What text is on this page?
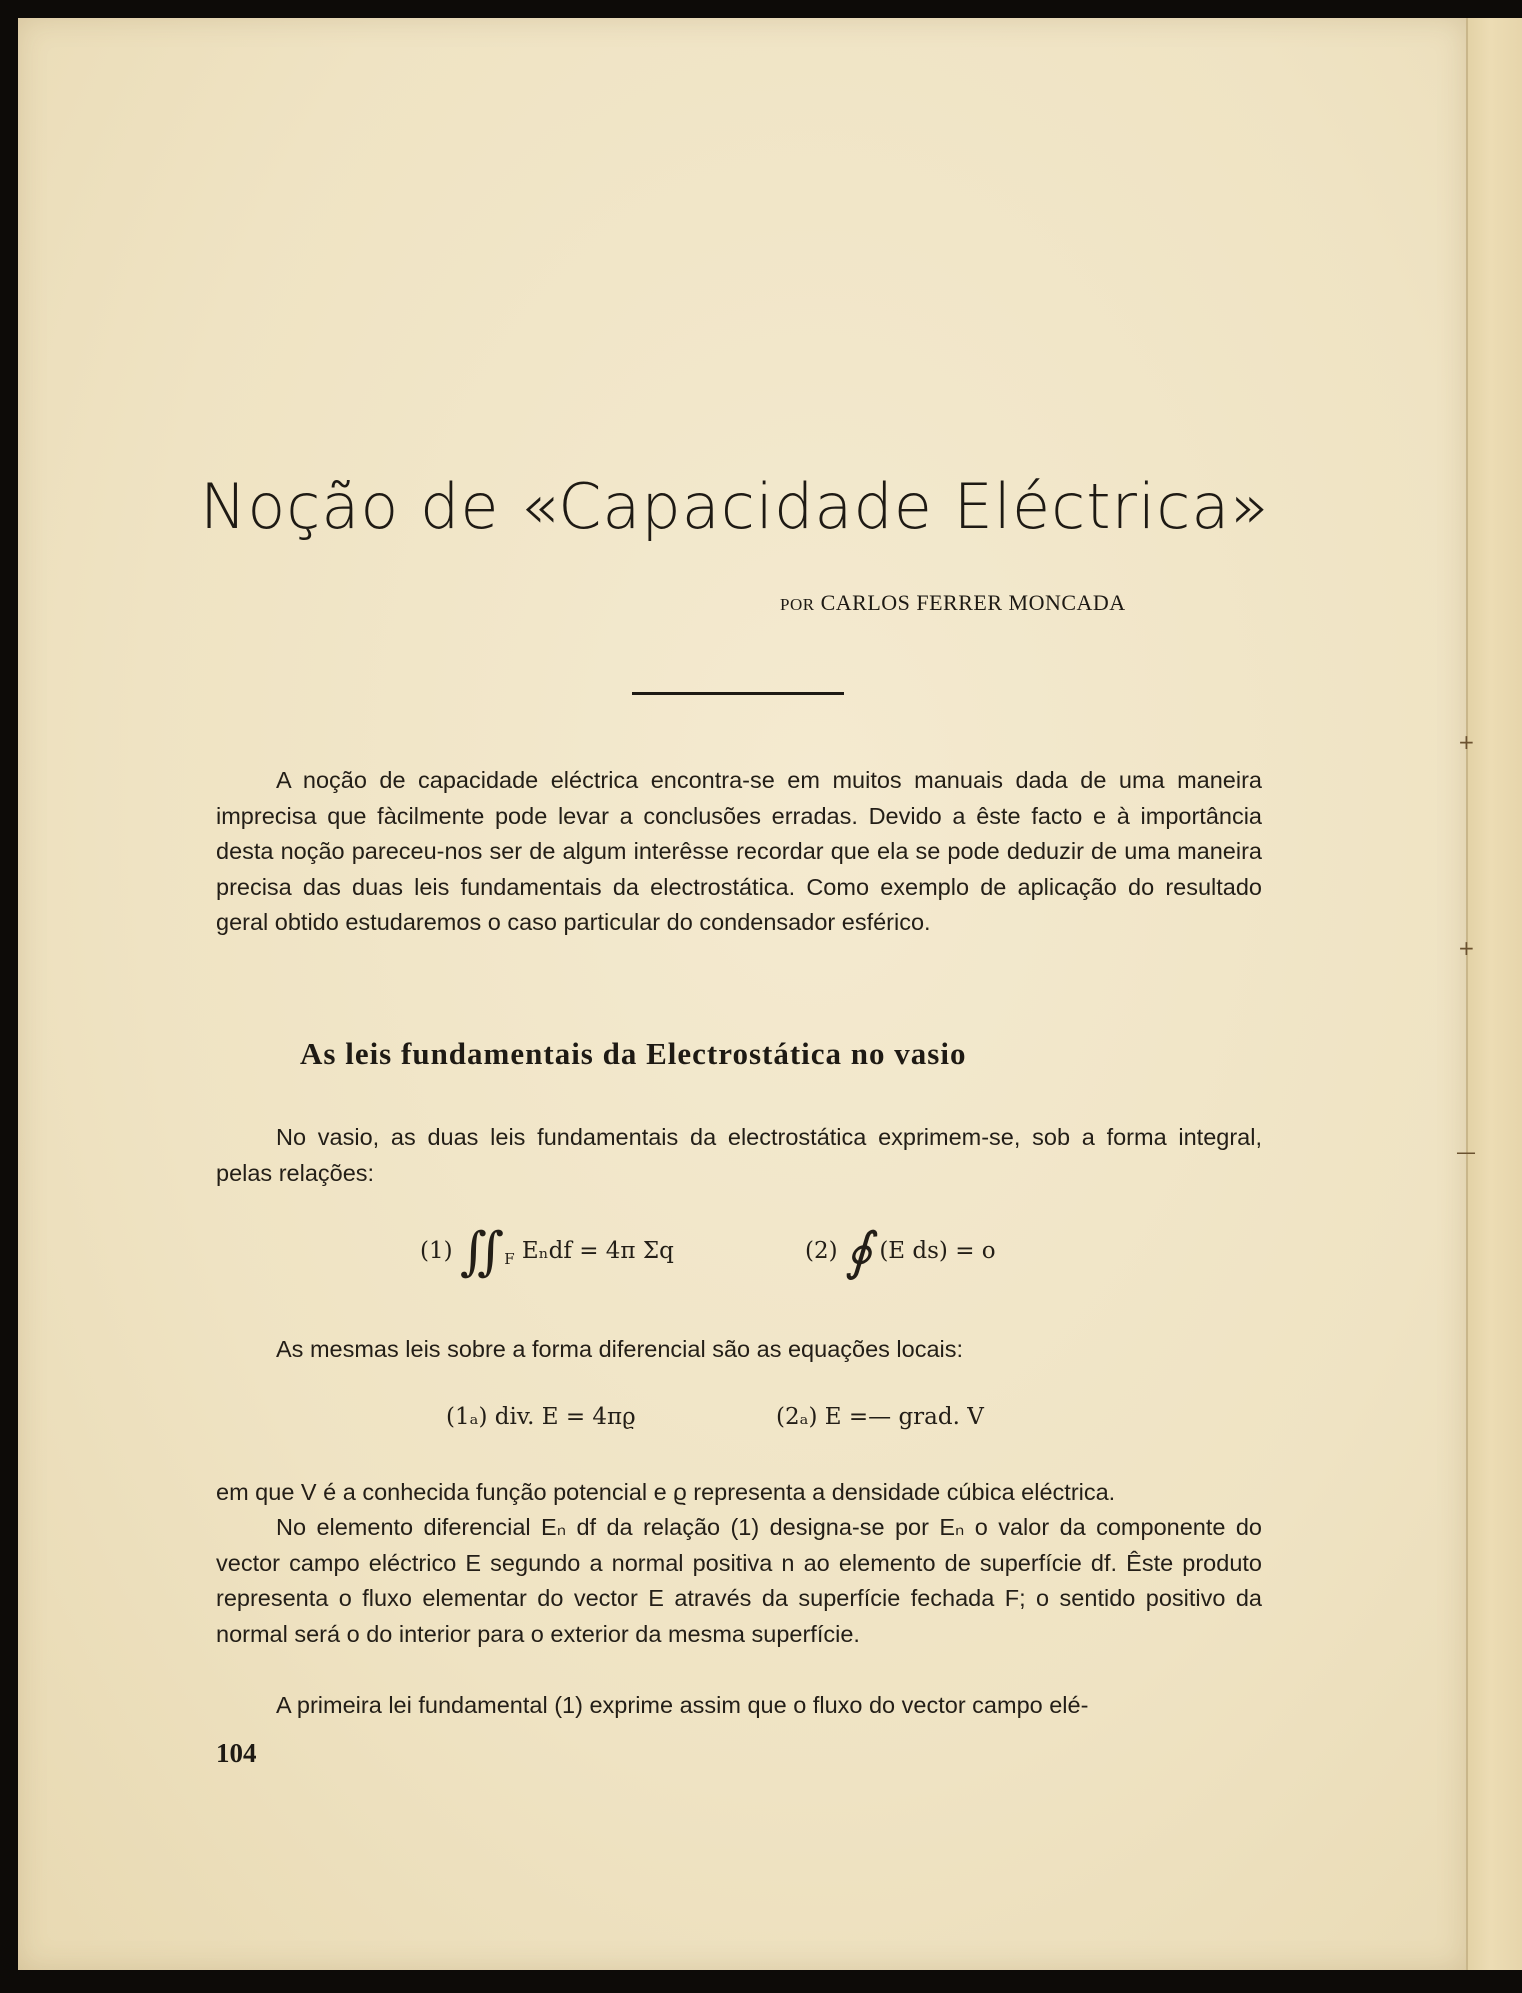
+
+
—
Noção de «Capacidade Eléctrica»
POR CARLOS FERRER MONCADA
A noção de capacidade eléctrica encontra-se em muitos manuais dada de uma maneira imprecisa que fàcilmente pode levar a conclusões erradas. Devido a êste facto e à importância desta noção pareceu-nos ser de algum interêsse recordar que ela se pode deduzir de uma maneira precisa das duas leis fundamentais da electrostática. Como exemplo de aplicação do resultado geral obtido estudaremos o caso particular do condensador esférico.
As leis fundamentais da Electrostática no vasio
No vasio, as duas leis fundamentais da electrostática exprimem-se, sob a forma integral, pelas relações:
(1) $∬_F$ Eₙdf = 4π Σq	(2) ∮ (E ds) = o
As mesmas leis sobre a forma diferencial são as equações locais:
(1ₐ) div. E = 4πϱ	(2ₐ) E =— grad. V
em que V é a conhecida função potencial e ϱ representa a densidade cúbica eléctrica.
No elemento diferencial Eₙ df da relação (1) designa-se por Eₙ o valor da componente do vector campo eléctrico E segundo a normal positiva n ao elemento de superfície df. Êste produto representa o fluxo elementar do vector E através da superfície fechada F; o sentido positivo da normal será o do interior para o exterior da mesma superfície.
A primeira lei fundamental (1) exprime assim que o fluxo do vector campo elé-
104
